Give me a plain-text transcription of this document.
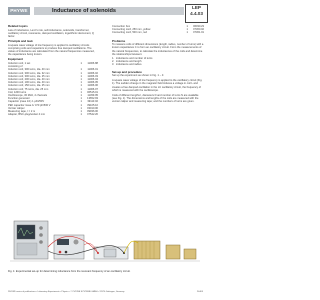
PHYWE	Inductance of solenoids	LEP
4.4.03
Related topics
Law of inductance, Lenz's rule, self-inductance, solenoids, transformer, oscillatory circuit, resonance, damped oscillation, logarithmic decrement, Q factor.
Principle and task
A square wave voltage of low frequency is applied to oscillatory circuits comprising coils and capacitors to produce free damped oscillations. The values of inductance are calculated from the natural frequencies measured, the capacitance being known.
Equipment
Induction coil, 1 set	1	11006.88
consisting of
Induction coil, 300 turns, dia. 40 mm	1	11006.01
Induction coil, 300 turns, dia. 32 mm	1	11006.02
Induction coil, 300 turns, dia. 25 mm	1	11006.03
Induction coil, 200 turns, dia. 40 mm	1	11006.04
Induction coil, 100 turns, dia. 40 mm	1	11006.05
Induction coil, 150 turns, dia. 25 mm	1	11006.06
Induction coil, 75 turns, dia. 25 mm	1	11006.07
Coil, 1200 turns	1	06515.01
Oscilloscope, 30 MHz, 2 channels	1	11459.95
Function generator	1	13652.93
Capacitor (case 1/1) 1 µF/250V	1	39113.02
PEK capacitor /case 1/ 470 pF/500 V	1	39105.10
Vernier caliper	1	03010.00
Measuring tape, l = 2 m	1	09936.00
Adapter, BNC-plug/socket 4 mm	1	07542.20
Connection box	1	06030.23
Connecting cord, 250 mm, yellow	1	07360.02
Connecting cord, 500 mm, red	1	07361.01
Problems
To measure coils of different dimensions (length, radius, number of turns) with a known capacitance C to form an oscillatory circuit. From the measurements of the natural frequencies, to calculate the inductances of the coils and determine the relationships between:
1. inductance and number of turns
2. inductance and length
3. inductance and radius.
Set-up and procedure
Set up the experiment as shown in Fig. 1 – 3.
A square wave voltage of low frequency is applied to the oscillatory circuit (Fig. 1). The sudden change in the magnetic field induces a voltage in coil L and creates a free damped oscillation in the LC oscillatory circuit, the frequency of which is measured with the oscilloscope.
Coils of different lengths l, diameters D and number of turns N are available (see Fig. 1). The dimensions and lengths of the coils are measured with the vernier caliper and measuring tape; and the numbers of turns are given.
Fig. 1: Experimental set-up for determining inductance from the resonant frequency of an oscillatory circuit.
PHYWE series of publications • Laboratory Experiments • Physics • © PHYWE SYSTEME GMBH • 37070 Göttingen, Germany	24403
